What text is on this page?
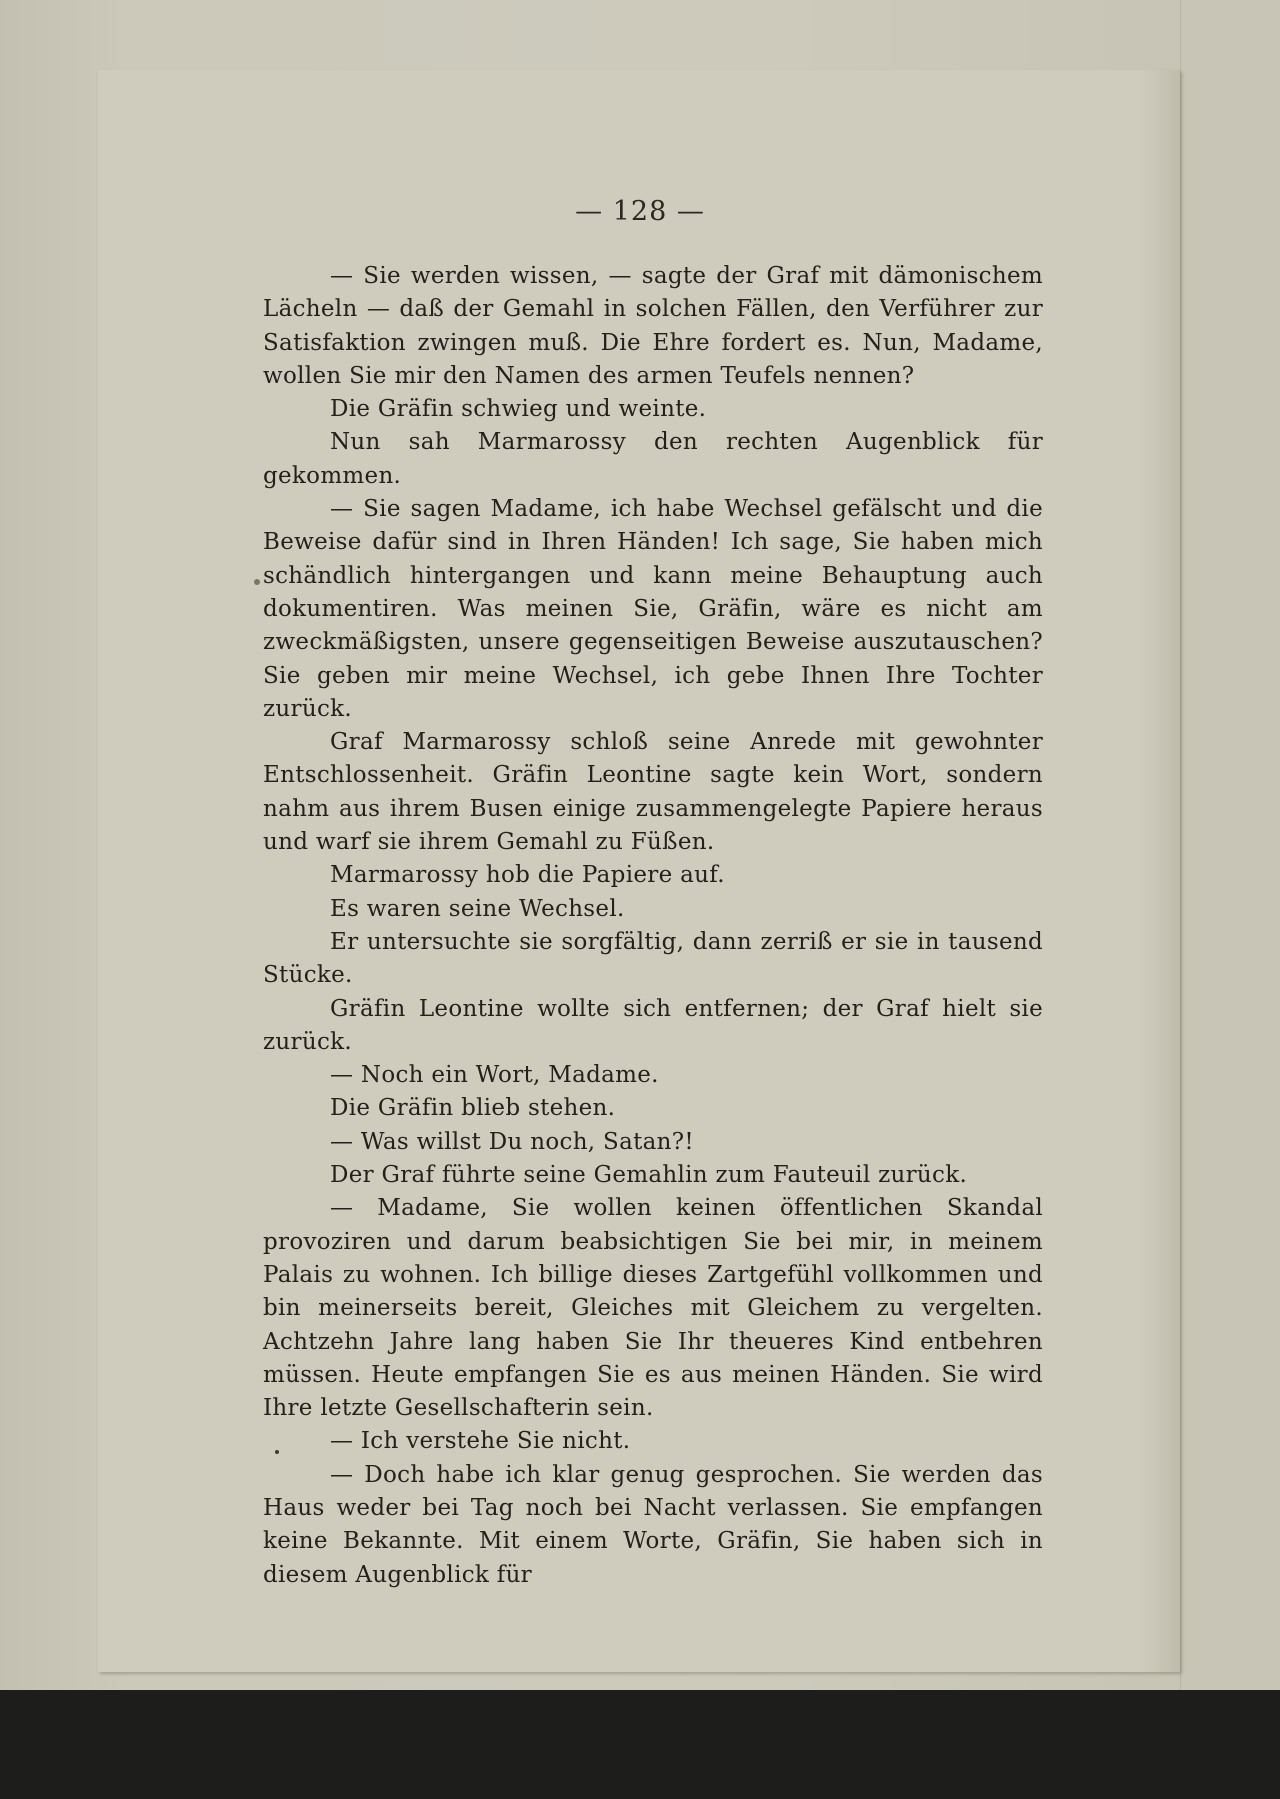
— 128 —

— Sie werden wissen, — sagte der Graf mit dämonischem Lächeln — daß der Gemahl in solchen Fällen, den Verführer zur Satisfaktion zwingen muß. Die Ehre fordert es. Nun, Madame, wollen Sie mir den Namen des armen Teufels nennen?

Die Gräfin schwieg und weinte.

Nun sah Marmarossy den rechten Augenblick für gekommen.

— Sie sagen Madame, ich habe Wechsel gefälscht und die Beweise dafür sind in Ihren Händen! Ich sage, Sie haben mich schändlich hintergangen und kann meine Behauptung auch dokumentiren. Was meinen Sie, Gräfin, wäre es nicht am zweckmäßigsten, unsere gegenseitigen Beweise auszutauschen? Sie geben mir meine Wechsel, ich gebe Ihnen Ihre Tochter zurück.

Graf Marmarossy schloß seine Anrede mit gewohnter Entschlossenheit. Gräfin Leontine sagte kein Wort, sondern nahm aus ihrem Busen einige zusammengelegte Papiere heraus und warf sie ihrem Gemahl zu Füßen.

Marmarossy hob die Papiere auf.

Es waren seine Wechsel.

Er untersuchte sie sorgfältig, dann zerriß er sie in tausend Stücke.

Gräfin Leontine wollte sich entfernen; der Graf hielt sie zurück.

— Noch ein Wort, Madame.

Die Gräfin blieb stehen.

— Was willst Du noch, Satan?!

Der Graf führte seine Gemahlin zum Fauteuil zurück.

— Madame, Sie wollen keinen öffentlichen Skandal provoziren und darum beabsichtigen Sie bei mir, in meinem Palais zu wohnen. Ich billige dieses Zartgefühl vollkommen und bin meinerseits bereit, Gleiches mit Gleichem zu vergelten. Achtzehn Jahre lang haben Sie Ihr theueres Kind entbehren müssen. Heute empfangen Sie es aus meinen Händen. Sie wird Ihre letzte Gesellschafterin sein.

— Ich verstehe Sie nicht.

— Doch habe ich klar genug gesprochen. Sie werden das Haus weder bei Tag noch bei Nacht verlassen. Sie empfangen keine Bekannte. Mit einem Worte, Gräfin, Sie haben sich in diesem Augenblick für
